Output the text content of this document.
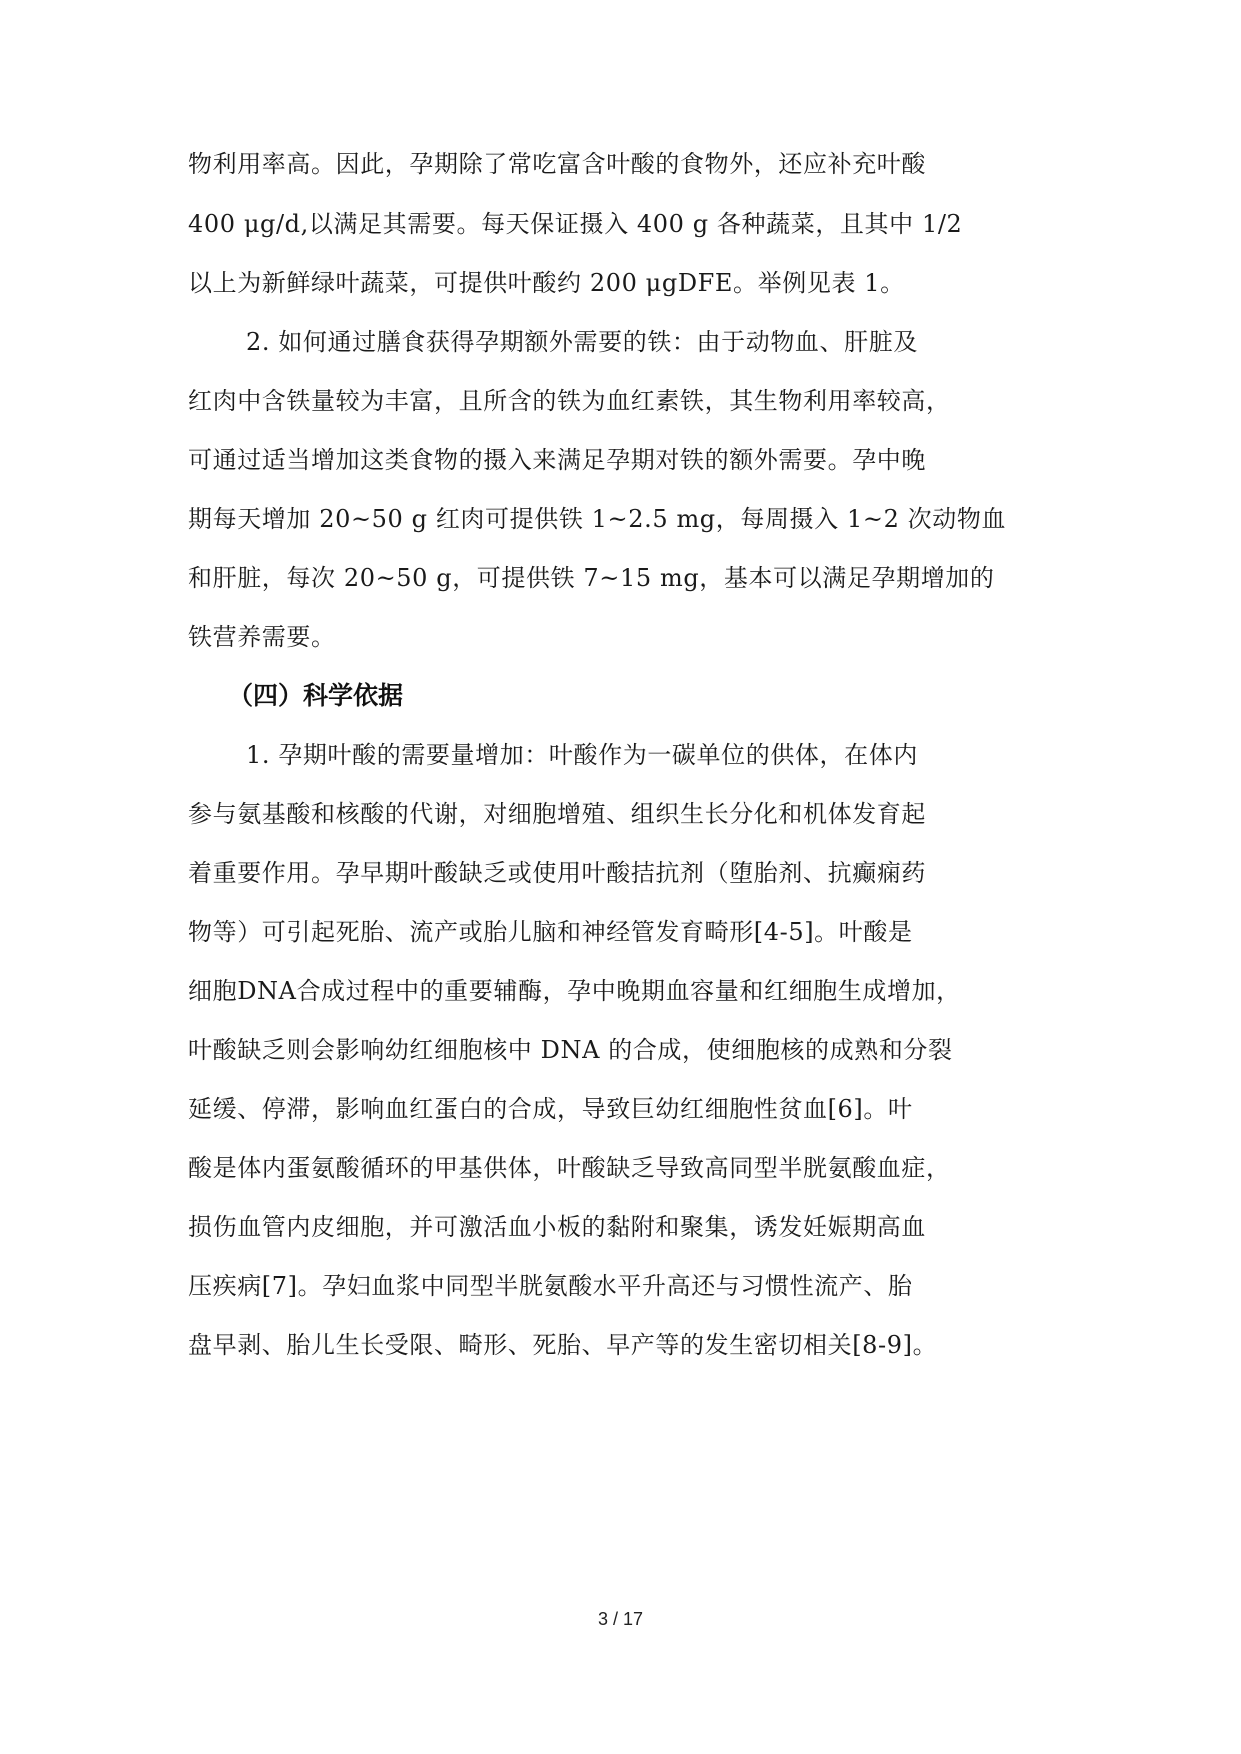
物利用率高。因此，孕期除了常吃富含叶酸的食物外，还应补充叶酸
400 μg/d,以满足其需要。每天保证摄入 400 g 各种蔬菜，且其中 1/2
以上为新鲜绿叶蔬菜，可提供叶酸约 200 μgDFE。举例见表 1。
2. 如何通过膳食获得孕期额外需要的铁：由于动物血、肝脏及
红肉中含铁量较为丰富，且所含的铁为血红素铁，其生物利用率较高，
可通过适当增加这类食物的摄入来满足孕期对铁的额外需要。孕中晚
期每天增加 20~50 g 红肉可提供铁 1~2.5 mg，每周摄入 1~2 次动物血
和肝脏，每次 20~50 g，可提供铁 7~15 mg，基本可以满足孕期增加的
铁营养需要。
（四）科学依据
1. 孕期叶酸的需要量增加：叶酸作为一碳单位的供体，在体内
参与氨基酸和核酸的代谢，对细胞增殖、组织生长分化和机体发育起
着重要作用。孕早期叶酸缺乏或使用叶酸拮抗剂（堕胎剂、抗癫痫药
物等）可引起死胎、流产或胎儿脑和神经管发育畸形[4-5]。叶酸是
细胞DNA合成过程中的重要辅酶，孕中晚期血容量和红细胞生成增加，
叶酸缺乏则会影响幼红细胞核中 DNA 的合成，使细胞核的成熟和分裂
延缓、停滞，影响血红蛋白的合成，导致巨幼红细胞性贫血[6]。叶
酸是体内蛋氨酸循环的甲基供体，叶酸缺乏导致高同型半胱氨酸血症，
损伤血管内皮细胞，并可激活血小板的黏附和聚集，诱发妊娠期高血
压疾病[7]。孕妇血浆中同型半胱氨酸水平升高还与习惯性流产、胎
盘早剥、胎儿生长受限、畸形、死胎、早产等的发生密切相关[8-9]。
3 / 17
